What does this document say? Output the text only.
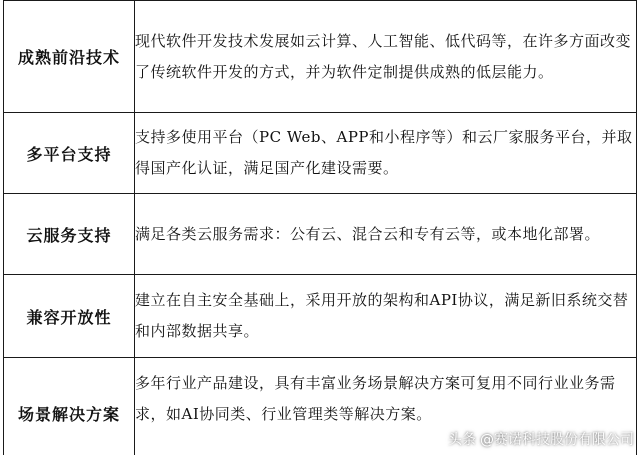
成熟前沿技术	现代软件开发技术发展如云计算、人工智能、低代码等，在许多方面改变了传统软件开发的方式，并为软件定制提供成熟的低层能力。
多平台支持	支持多使用平台（PC Web、APP和小程序等）和云厂家服务平台，并取得国产化认证，满足国产化建设需要。
云服务支持	满足各类云服务需求：公有云、混合云和专有云等，或本地化部署。
兼容开放性	建立在自主安全基础上，采用开放的架构和API协议，满足新旧系统交替和内部数据共享。
场景解决方案	多年行业产品建设，具有丰富业务场景解决方案可复用不同行业业务需求，如AI协同类、行业管理类等解决方案。
头条 @赛诺科技股份有限公司
